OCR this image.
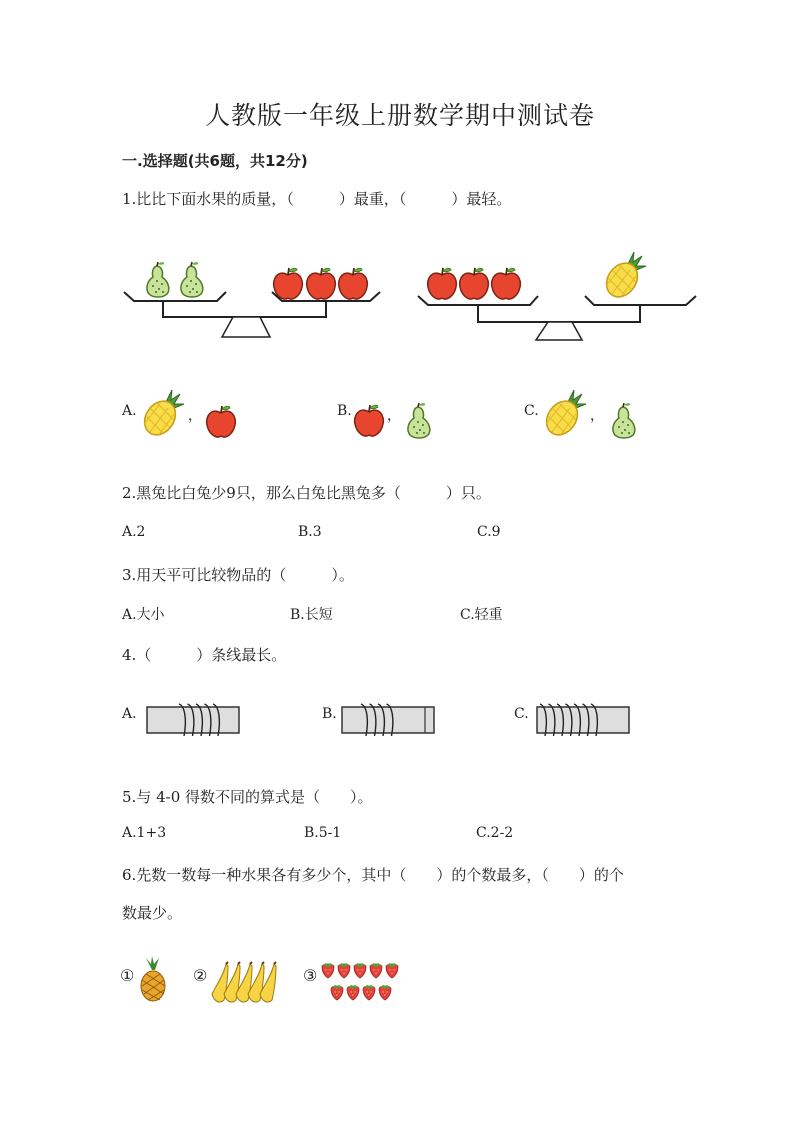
人教版一年级上册数学期中测试卷
一.选择题(共6题，共12分)
1.比比下面水果的质量，（　　　）最重，（　　　）最轻。
A.	，	B.	，	C.	，
2.黑兔比白兔少9只，那么白兔比黑兔多（　　　）只。
A.2	B.3	C.9
3.用天平可比较物品的（　　　）。
A.大小	B.长短	C.轻重
4.（　　　）条线最长。
A.	B.	C.
5.与 4-0 得数不同的算式是（　　）。
A.1+3	B.5-1	C.2-2
6.先数一数每一种水果各有多少个，其中（　　）的个数最多，（　　）的个
数最少。
①	②	③
